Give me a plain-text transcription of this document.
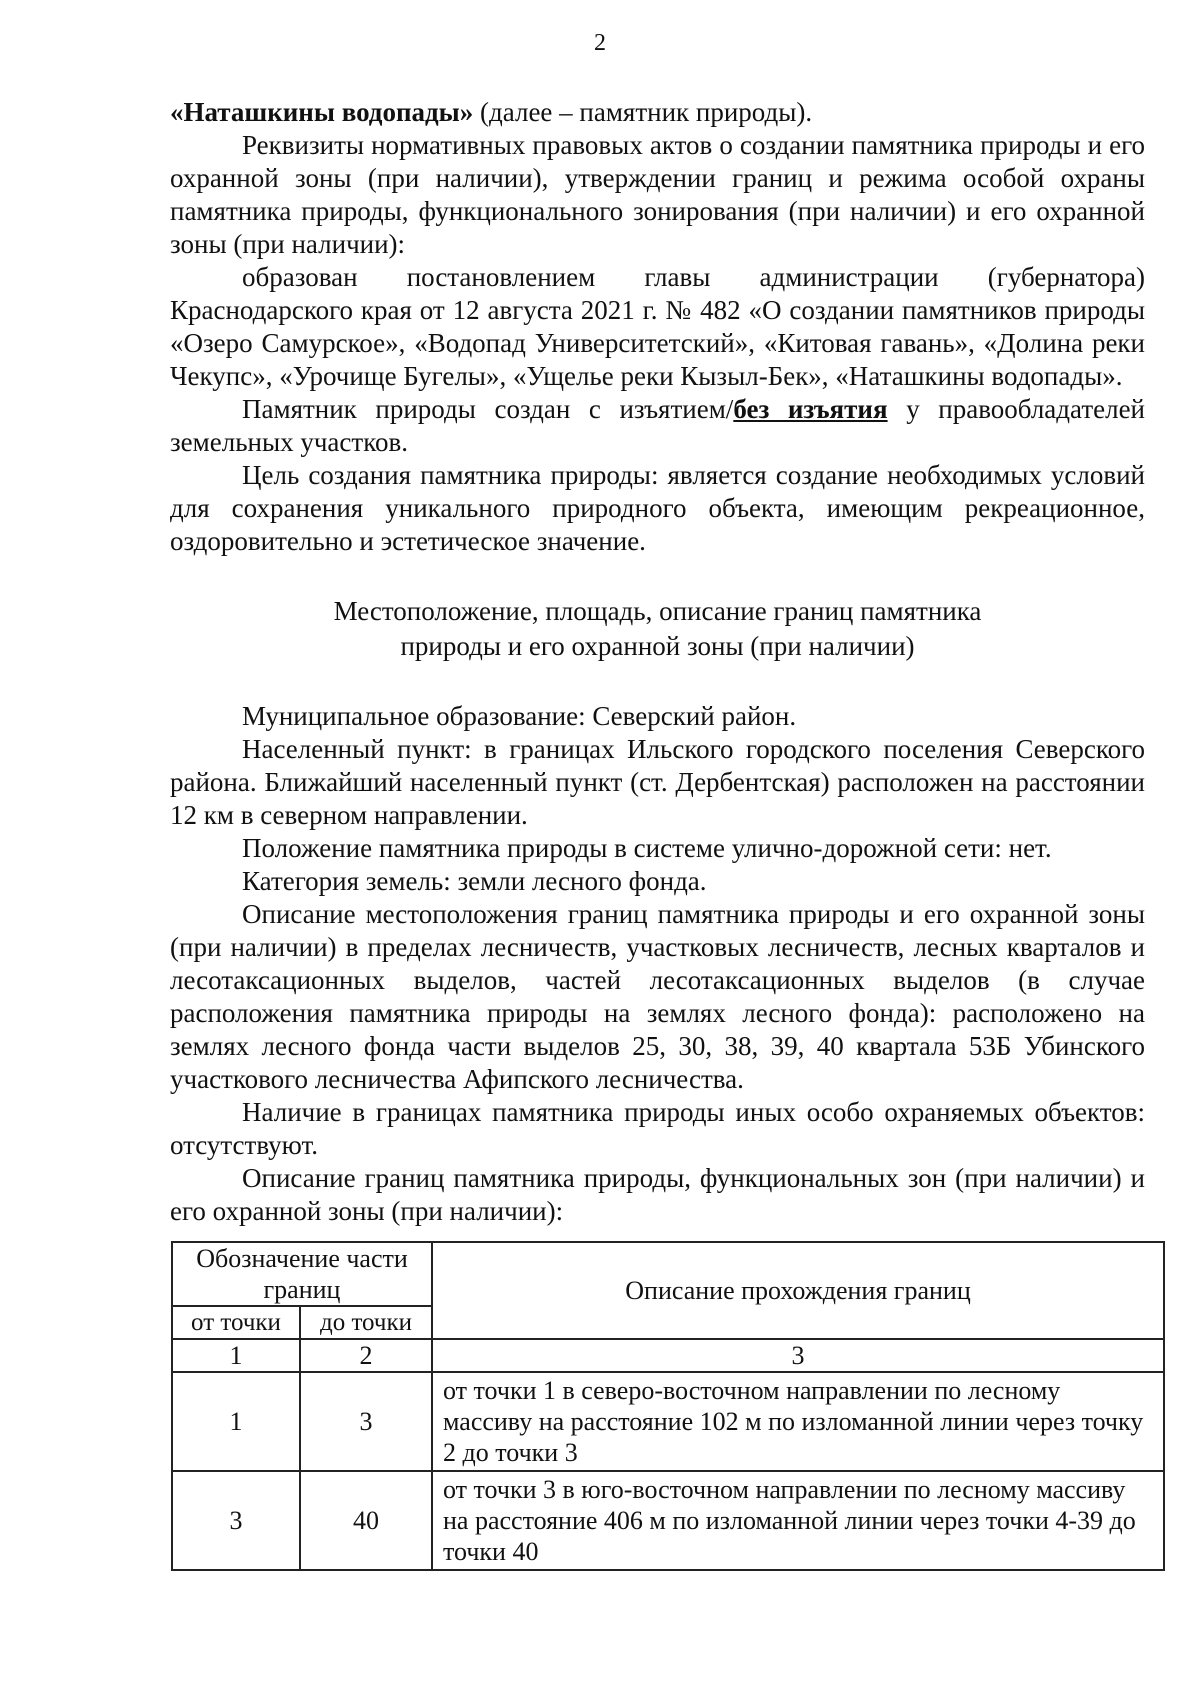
2

«Наташкины водопады» (далее – памятник природы).

Реквизиты нормативных правовых актов о создании памятника природы и его охранной зоны (при наличии), утверждении границ и режима особой охраны памятника природы, функционального зонирования (при наличии) и его охранной зоны (при наличии):

образован постановлением главы администрации (губернатора) Краснодарского края от 12 августа 2021 г. № 482 «О создании памятников природы «Озеро Самурское», «Водопад Университетский», «Китовая гавань», «Долина реки Чекупс», «Урочище Бугелы», «Ущелье реки Кызыл-Бек», «Наташкины водопады».

Памятник природы создан с изъятием/без изъятия у правообладателей земельных участков.

Цель создания памятника природы: является создание необходимых условий для сохранения уникального природного объекта, имеющим рекреационное, оздоровительно и эстетическое значение.

Местоположение, площадь, описание границ памятника
природы и его охранной зоны (при наличии)

Муниципальное образование: Северский район.

Населенный пункт: в границах Ильского городского поселения Северского района. Ближайший населенный пункт (ст. Дербентская) расположен на расстоянии 12 км в северном направлении.

Положение памятника природы в системе улично-дорожной сети: нет.

Категория земель: земли лесного фонда.

Описание местоположения границ памятника природы и его охранной зоны (при наличии) в пределах лесничеств, участковых лесничеств, лесных кварталов и лесотаксационных выделов, частей лесотаксационных выделов (в случае расположения памятника природы на землях лесного фонда): расположено на землях лесного фонда части выделов 25, 30, 38, 39, 40 квартала 53Б Убинского участкового лесничества Афипского лесничества.

Наличие в границах памятника природы иных особо охраняемых объектов: отсутствуют.

Описание границ памятника природы, функциональных зон (при наличии) и его охранной зоны (при наличии):

Обозначение части границ		Описание прохождения границ
от точки	до точки	
1	2	3
1	3	от точки 1 в северо-восточном направлении по лесному массиву на расстояние 102 м по изломанной линии через точку 2 до точки 3
3	40	от точки 3 в юго-восточном направлении по лесному массиву на расстояние 406 м по изломанной линии через точки 4-39 до точки 40
